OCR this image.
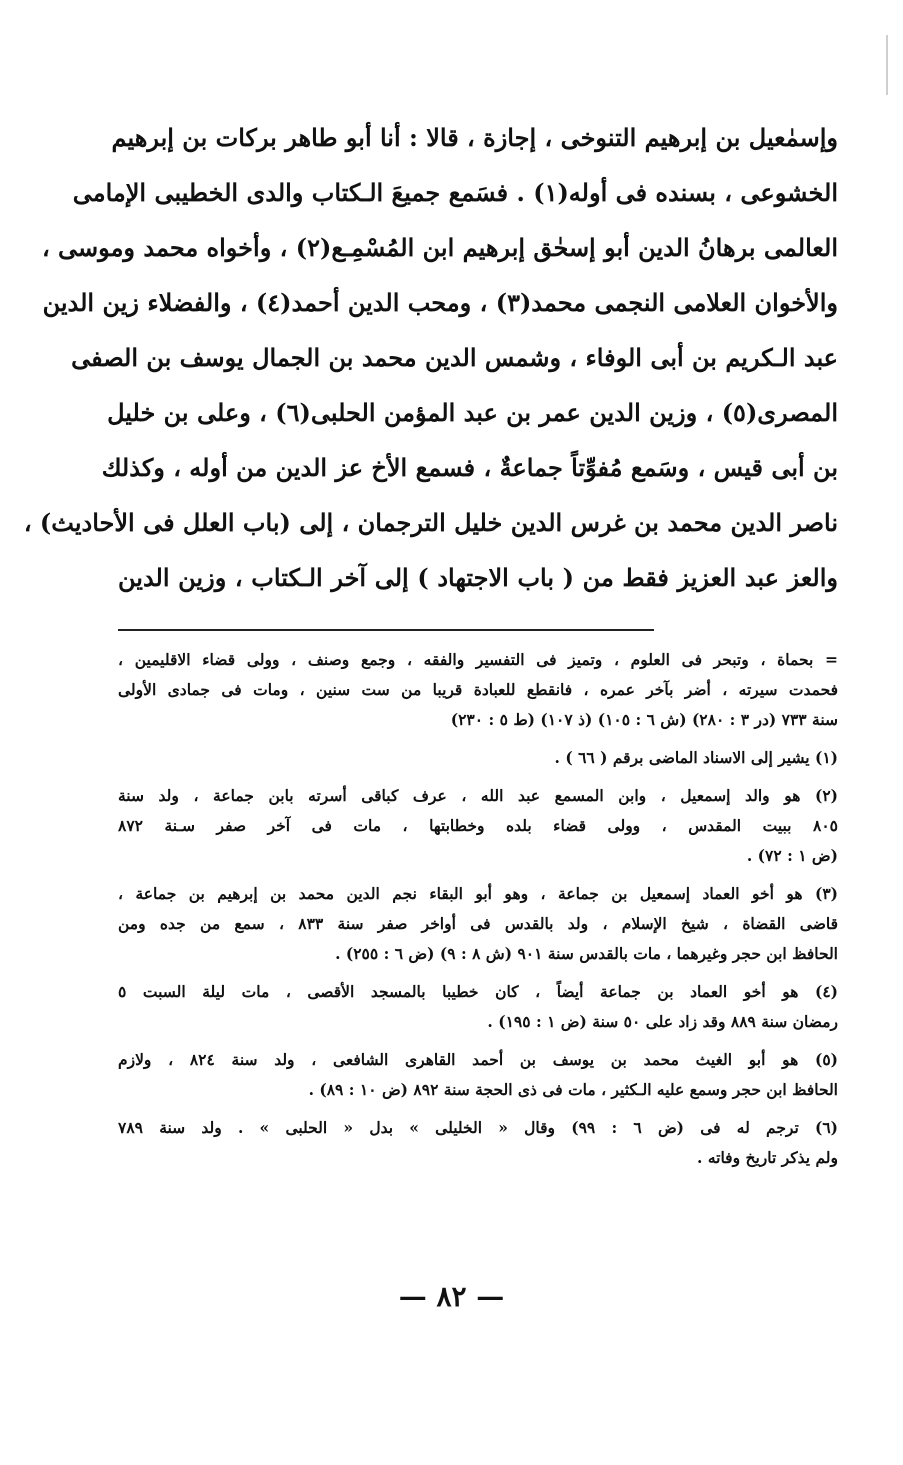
وإسمٰعيل بن إبرهيم التنوخى ، إجازة ، قالا : أنا أبو طاهر بركات بن إبرهيم
الخشوعى ، بسنده فى أوله(١) . فسَمع جميعَ الـكتاب والدى الخطيبى الإمامى
العالمى برهانُ الدين أبو إسحٰق إبرهيم ابن المُسْمِـع(٢) ، وأخواه محمد وموسى ،
والأخوان العلامى النجمى محمد(٣) ، ومحب الدين أحمد(٤) ، والفضلاء زين الدين
عبد الـكريم بن أبى الوفاء ، وشمس الدين محمد بن الجمال يوسف بن الصفى
المصرى(٥) ، وزين الدين عمر بن عبد المؤمن الحلبى(٦) ، وعلى بن خليل
بن أبى قيس ، وسَمع مُفوِّتاً جماعةٌ ، فسمع الأخ عز الدين من أوله ، وكذلك
ناصر الدين محمد بن غرس الدين خليل الترجمان ، إلى (باب العلل فى الأحاديث) ،
والعز عبد العزيز فقط من ( باب الاجتهاد ) إلى آخر الـكتاب ، وزين الدين
= بحماة ، وتبحر فى العلوم ، وتميز فى التفسير والفقه ، وجمع وصنف ، وولى قضاء الاقليمين ،
فحمدت سيرته ، أضر بآخر عمره ، فانقطع للعبادة قريبا من ست سنين ، ومات فى جمادى الأولى
سنة ٧٣٣ (در ٣ : ٢٨٠) (ش ٦ : ١٠٥) (ذ ١٠٧) (ط ٥ : ٢٣٠)
(١) يشير إلى الاسناد الماضى برقم ( ٦٦ ) .
(٢) هو والد إسمعيل ، وابن المسمع عبد الله ، عرف كباقى أسرته بابن جماعة ، ولد سنة
٨٠٥ ببيت المقدس ، وولى قضاء بلده وخطابتها ، مات فى آخر صفر سـنة ٨٧٢
(ض ١ : ٧٢) .
(٣) هو أخو العماد إسمعيل بن جماعة ، وهو أبو البقاء نجم الدين محمد بن إبرهيم بن جماعة ،
قاضى القضاة ، شيخ الإسلام ، ولد بالقدس فى أواخر صفر سنة ٨٣٣ ، سمع من جده ومن
الحافظ ابن حجر وغيرهما ، مات بالقدس سنة ٩٠١ (ش ٨ : ٩) (ض ٦ : ٢٥٥) .
(٤) هو أخو العماد بن جماعة أيضاً ، كان خطيبا بالمسجد الأقصى ، مات ليلة السبت ٥
رمضان سنة ٨٨٩ وقد زاد على ٥٠ سنة (ض ١ : ١٩٥) .
(٥) هو أبو الغيث محمد بن يوسف بن أحمد القاهرى الشافعى ، ولد سنة ٨٢٤ ، ولازم
الحافظ ابن حجر وسمع عليه الـكثير ، مات فى ذى الحجة سنة ٨٩٢ (ض ١٠ : ٨٩) .
(٦) ترجم له فى (ض ٦ : ٩٩) وقال « الخليلى » بدل « الحلبى » . ولد سنة ٧٨٩
ولم يذكر تاريخ وفاته .
— ٨٢ —
